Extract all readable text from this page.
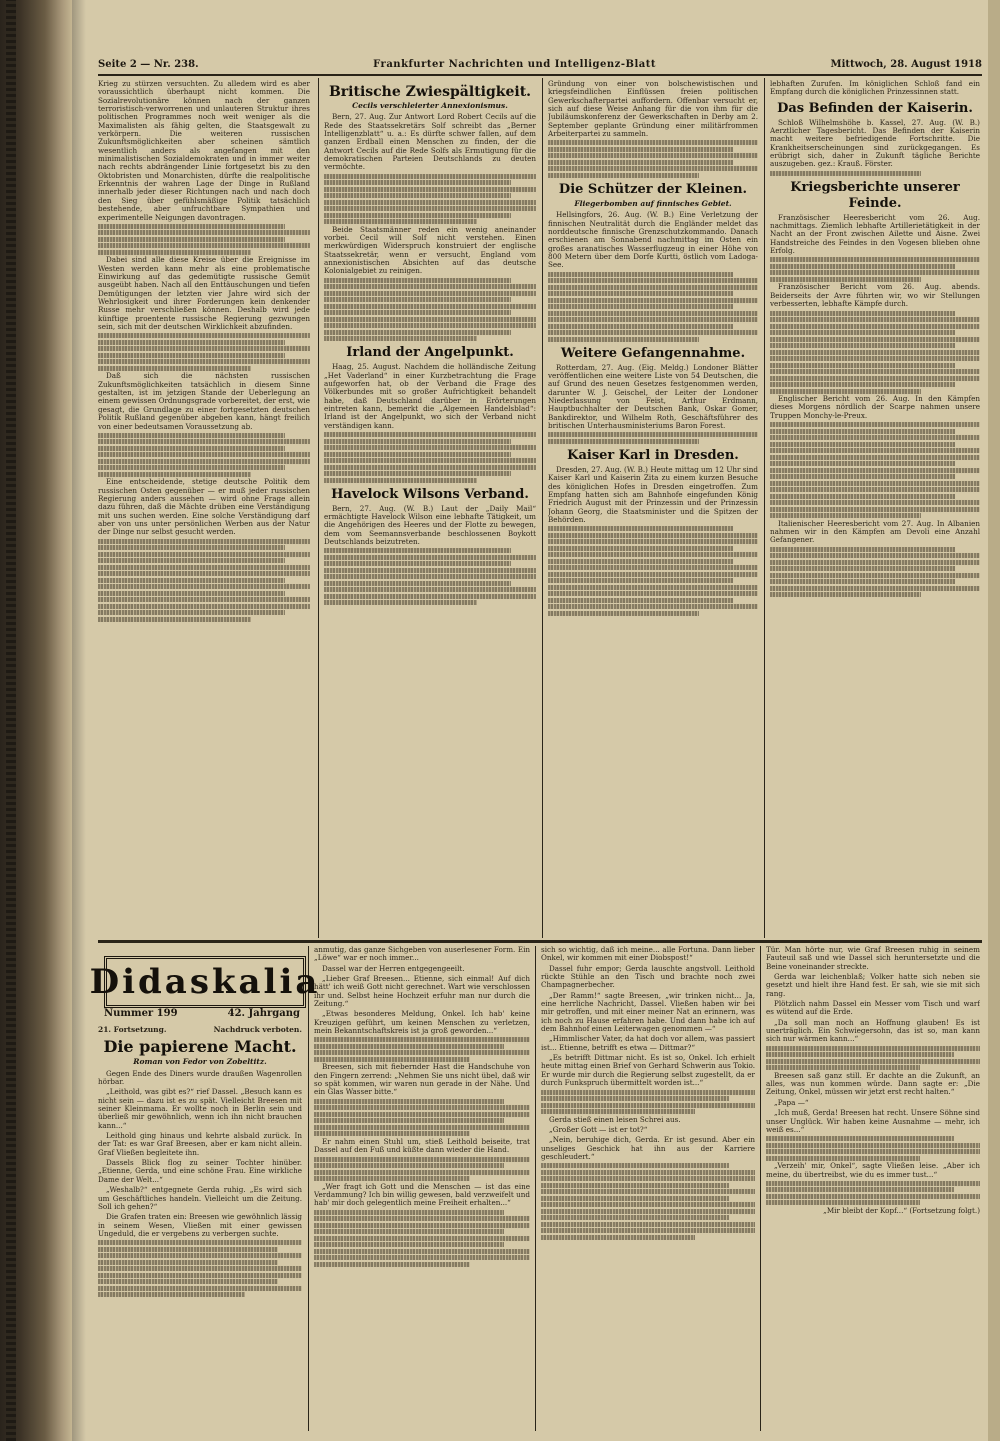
Seite 2 — Nr. 238.	Frankfurter Nachrichten und Intelligenz-Blatt	Mittwoch, 28. August 1918

Krieg zu stürzen versuchten. Zu alledem wird es aber voraussichtlich überhaupt nicht kommen. Die Sozialrevolutionäre können nach der ganzen terroristisch-verworrenen und unlauteren Struktur ihres politischen Programmes noch weit weniger als die Maximalisten als fähig gelten, die Staatsgewalt zu verkörpern. Die weiteren russischen Zukunftsmöglichkeiten aber scheinen sämtlich wesentlich anders als angefangen mit den minimalistischen Sozialdemokraten und in immer weiter nach rechts abdrängender Linie fortgesetzt bis zu den Oktobristen und Monarchisten, dürfte die realpolitische Erkenntnis der wahren Lage der Dinge in Rußland innerhalb jeder dieser Richtungen nach und nach doch den Sieg über gefühlsmäßige Politik tatsächlich bestehende, aber unfruchtbare Sympathien und experimentelle Neigungen davontragen.

Dabei sind alle diese Kreise über die Ereignisse im Westen werden kann mehr als eine problematische Einwirkung auf das gedemütigte russische Gemüt ausgeübt haben. Nach all den Enttäuschungen und tiefen Demütigungen der letzten vier Jahre wird sich der Wehrlosigkeit und ihrer Forderungen kein denkender Russe mehr verschließen können. Deshalb wird jede künftige proentente russische Regierung gezwungen sein, sich mit der deutschen Wirklichkeit abzufinden.

Daß sich die nächsten russischen Zukunftsmöglichkeiten tatsächlich in diesem Sinne gestalten, ist im jetzigen Stande der Ueberlegung an einem gewissen Ordnungsgrade vorbereitet, der erst, wie gesagt, die Grundlage zu einer fortgesetzten deutschen Politik Rußland gegenüber abgeben kann, hängt freilich von einer bedeutsamen Voraussetzung ab.

Eine entscheidende, stetige deutsche Politik dem russischen Osten gegenüber — er muß jeder russischen Regierung anders aussehen — wird ohne Frage allein dazu führen, daß die Mächte drüben eine Verständigung mit uns suchen werden. Eine solche Verständigung darf aber von uns unter persönlichen Werben aus der Natur der Dinge nur selbst gesucht werden.

Britische Zwiespältigkeit.
Cecils verschleierter Annexionismus.

Bern, 27. Aug. Zur Antwort Lord Robert Cecils auf die Rede des Staatssekretärs Solf schreibt das „Berner Intelligenzblatt“ u. a.: Es dürfte schwer fallen, auf dem ganzen Erdball einen Menschen zu finden, der die Antwort Cecils auf die Rede Solfs als Ermutigung für die demokratischen Parteien Deutschlands zu deuten vermöchte.

Beide Staatsmänner reden ein wenig aneinander vorbei. Cecil will Solf nicht verstehen. Einen merkwürdigen Widerspruch konstruiert der englische Staatssekretär, wenn er versucht, England vom annexionistischen Absichten auf das deutsche Kolonialgebiet zu reinigen.

Irland der Angelpunkt.

Haag, 25. August. Nachdem die holländische Zeitung „Het Vaderland“ in einer Kurzbetrachtung die Frage aufgeworfen hat, ob der Verband die Frage des Völkerbundes mit so großer Aufrichtigkeit behandelt habe, daß Deutschland darüber in Erörterungen eintreten kann, bemerkt die „Algemeen Handelsblad“: Irland ist der Angelpunkt, wo sich der Verband nicht verständigen kann.

Havelock Wilsons Verband.

Bern, 27. Aug. (W. B.) Laut der „Daily Mail“ ermächtigte Havelock Wilson eine lebhafte Tätigkeit, um die Angehörigen des Heeres und der Flotte zu bewegen, dem vom Seemannsverbande beschlossenen Boykott Deutschlands beizutreten.

Gründung von einer von bolschewistischen und kriegsfeindlichen Einflüssen freien politischen Gewerkschafterpartei auffordern. Offenbar versucht er, sich auf diese Weise Anhang für die von ihm für die Jubiläumskonferenz der Gewerkschaften in Derby am 2. September geplante Gründung einer militärfrommen Arbeiterpartei zu sammeln.

Die Schützer der Kleinen.
Fliegerbomben auf finnisches Gebiet.

Hellsingfors, 26. Aug. (W. B.) Eine Verletzung der finnischen Neutralität durch die Engländer meldet das norddeutsche finnische Grenzschutzkommando. Danach erschienen am Sonnabend nachmittag im Osten ein großes aranatisches Wasserflugzeug in einer Höhe von 800 Metern über dem Dorfe Kurtti, östlich vom Ladoga-See.

Weitere Gefangennahme.

Rotterdam, 27. Aug. (Eig. Meldg.) Londoner Blätter veröffentlichen eine weitere Liste von 54 Deutschen, die auf Grund des neuen Gesetzes festgenommen werden, darunter W. J. Geischel, der Leiter der Londoner Niederlassung von Feist, Arthur Erdmann, Hauptbuchhalter der Deutschen Bank, Oskar Gomer, Bankdirektor, und Wilhelm Roth, Geschäftsführer des britischen Unterhausministeriums Baron Forest.

Kaiser Karl in Dresden.

Dresden, 27. Aug. (W. B.) Heute mittag um 12 Uhr sind Kaiser Karl und Kaiserin Zita zu einem kurzen Besuche des königlichen Hofes in Dresden eingetroffen. Zum Empfang hatten sich am Bahnhofe eingefunden König Friedrich August mit der Prinzessin und der Prinzessin Johann Georg, die Staatsminister und die Spitzen der Behörden.

lebhaften Zurufen. Im königlichen Schloß fand ein Empfang durch die königlichen Prinzessinnen statt.

Das Befinden der Kaiserin.

Schloß Wilhelmshöhe b. Kassel, 27. Aug. (W. B.) Aerztlicher Tagesbericht. Das Befinden der Kaiserin macht weitere befriedigende Fortschritte. Die Krankheitserscheinungen sind zurückgegangen. Es erübrigt sich, daher in Zukunft tägliche Berichte auszugeben. gez.: Krauß. Förster.

Kriegsberichte unserer Feinde.

Französischer Heeresbericht vom 26. Aug. nachmittags. Ziemlich lebhafte Artillerietätigkeit in der Nacht an der Front zwischen Ailette und Aisne. Zwei Handstreiche des Feindes in den Vogesen blieben ohne Erfolg.

Französischer Bericht vom 26. Aug. abends. Beiderseits der Avre führten wir, wo wir Stellungen verbesserten, lebhafte Kämpfe durch.

Englischer Bericht vom 26. Aug. In den Kämpfen dieses Morgens nördlich der Scarpe nahmen unsere Truppen Monchy-le-Preux.

Italienischer Heeresbericht vom 27. Aug. In Albanien nahmen wir in den Kämpfen am Devoli eine Anzahl Gefangener.

Didaskalia
Nummer 199	42. Jahrgang
21. Fortsetzung.	Nachdruck verboten.
Die papierene Macht.
Roman von Fedor von Zobeltitz.

Gegen Ende des Diners wurde draußen Wagenrollen hörbar.

„Leithold, was gibt es?“ rief Dassel. „Besuch kann es nicht sein — dazu ist es zu spät. Vielleicht Breesen mit seiner Kleinmama. Er wollte noch in Berlin sein und überließ mir gewöhnlich, wenn ich ihn nicht brauchen kann...“

Leithold ging hinaus und kehrte alsbald zurück. In der Tat: es war Graf Breesen, aber er kam nicht allein. Graf Vließen begleitete ihn.

Dassels Blick flog zu seiner Tochter hinüber. „Etienne, Gerda, und eine schöne Frau. Eine wirkliche Dame der Welt...“

„Weshalb?“ entgegnete Gerda ruhig. „Es wird sich um Geschäftliches handeln. Vielleicht um die Zeitung. Soll ich gehen?“

Die Grafen traten ein: Breesen wie gewöhnlich lässig in seinem Wesen, Vließen mit einer gewissen Ungeduld, die er vergebens zu verbergen suchte.

anmutig, das ganze Sichgeben von auserlesener Form. Ein „Löwe“ war er noch immer...

Dassel war der Herren entgegengeeilt.

„Lieber Graf Breesen... Etienne, sich einmal! Auf dich hätt' ich weiß Gott nicht gerechnet. Wart wie verschlossen ihr und. Selbst heine Hochzeit erfuhr man nur durch die Zeitung.“

„Etwas besonderes Meldung, Onkel. Ich hab' keine Kreuzigen geführt, um keinen Menschen zu verletzen, mein Bekanntschaftskreis ist ja groß geworden...“

Breesen, sich mit fiebernder Hast die Handschuhe von den Fingern zerrend: „Nehmen Sie uns nicht übel, daß wir so spät kommen, wir waren nun gerade in der Nähe. Und ein Glas Wasser bitte.“

Er nahm einen Stuhl um, stieß Leithold beiseite, trat Dassel auf den Fuß und küßte dann wieder die Hand.

„Wer fragt ich Gott und die Menschen — ist das eine Verdammung? Ich bin willig gewesen, bald verzweifelt und hab' mir doch gelegentlich meine Freiheit erhalten...“

sich so wichtig, daß ich meine... alle Fortuna. Dann lieber Onkel, wir kommen mit einer Diobspost!“

Dassel fuhr empor; Gerda lauschte angstvoll. Leithold rückte Stühle an den Tisch und brachte noch zwei Champagnerbecher.

„Der Ramm!“ sagte Breesen, „wir trinken nicht... Ja, eine herrliche Nachricht, Dassel. Vließen haben wir bei mir getroffen, und mit einer meiner Nat an erinnern, was ich noch zu Hause erfahren habe. Und dann habe ich auf dem Bahnhof einen Leiterwagen genommen —“

„Himmlischer Vater, da hat doch vor allem, was passiert ist... Etienne, betrifft es etwa — Dittmar?“

„Es betrifft Dittmar nicht. Es ist so, Onkel. Ich erhielt heute mittag einen Brief von Gerhard Schwerin aus Tokio. Er wurde mir durch die Regierung selbst zugestellt, da er durch Funkspruch übermittelt worden ist...“

Gerda stieß einen leisen Schrei aus.

„Großer Gott — ist er tot?“

„Nein, beruhige dich, Gerda. Er ist gesund. Aber ein unseliges Geschick hat ihn aus der Karriere geschleudert.“

Tür. Man hörte nur, wie Graf Breesen ruhig in seinem Fauteuil saß und wie Dassel sich heruntersetzte und die Beine voneinander streckte.

Gerda war leichenblaß; Volker hatte sich neben sie gesetzt und hielt ihre Hand fest. Er sah, wie sie mit sich rang.

Plötzlich nahm Dassel ein Messer vom Tisch und warf es wütend auf die Erde.

„Da soll man noch an Hoffnung glauben! Es ist unerträglich. Ein Schwiegersohn, das ist so, man kann sich nur wärmen kann...“

Breesen saß ganz still. Er dachte an die Zukunft, an alles, was nun kommen würde. Dann sagte er: „Die Zeitung, Onkel, müssen wir jetzt erst recht halten.“

„Papa —“

„Ich muß, Gerda! Breesen hat recht. Unsere Söhne sind unser Unglück. Wir haben keine Ausnahme — mehr, ich weiß es...“

„Verzeih' mir, Onkel“, sagte Vließen leise. „Aber ich meine, du übertreibst, wie du es immer tust...“

„Mir bleibt der Kopf...“ (Fortsetzung folgt.)
